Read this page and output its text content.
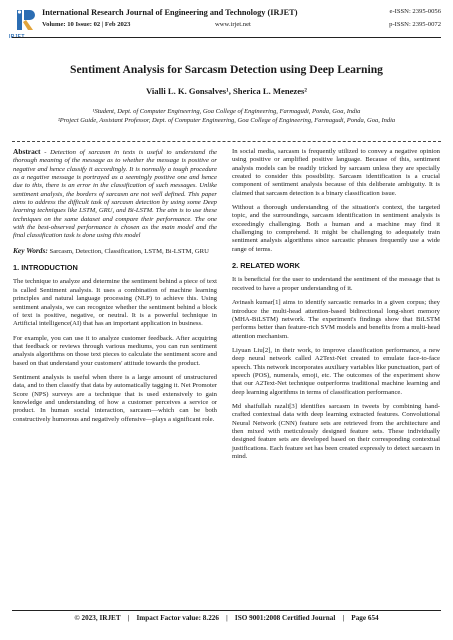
IRJET
International Research Journal of Engineering and Technology (IRJET)
Volume: 10 Issue: 02 | Feb 2023	www.irjet.net
e-ISSN: 2395-0056
p-ISSN: 2395-0072
Sentiment Analysis for Sarcasm Detection using Deep Learning
Vialli L. K. Gonsalves¹, Sherica L. Menezes²
¹Student, Dept. of Computer Engineering, Goa College of Engineering, Farmagudi, Ponda, Goa, India
²Project Guide, Assistant Professor, Dept. of Computer Engineering, Goa College of Engineering, Farmagudi, Ponda, Goa, India

Abstract - Detection of sarcasm in texts is useful to understand the thorough meaning of the message as to whether the message is positive or negative and hence classify it accordingly. It is normally a tough procedure as a negative message is portrayed as a seemingly positive one and hence due to this, there is an error in the classification of such messages. Unlike sentiment analysis, the borders of sarcasm are not well defined. This paper aims to address the difficult task of sarcasm detection by using some Deep learning techniques like LSTM, GRU, and Bi-LSTM. The aim is to use these techniques on the same dataset and compare their performance. The one with the best-observed performance is chosen as the main model and the final classification task is done using this model

Key Words: Sarcasm, Detection, Classification, LSTM, Bi-LSTM, GRU

1. INTRODUCTION

The technique to analyze and determine the sentiment behind a piece of text is called Sentiment analysis. It uses a combination of machine learning principles and natural language processing (NLP) to achieve this. Using sentiment analysis, we can recognize whether the sentiment behind a block of text is positive, negative, or neutral. It is a powerful technique in Artificial intelligence(AI) that has an important application in business.

For example, you can use it to analyze customer feedback. After acquiring that feedback or reviews through various mediums, you can run sentiment analysis algorithms on those text pieces to calculate the sentiment score and based on that understand your customers' attitude towards the product.

Sentiment analysis is useful when there is a large amount of unstructured data, and to then classify that data by automatically tagging it. Net Promoter Score (NPS) surveys are a technique that is used extensively to gain knowledge and understanding of how a customer perceives a service or product. In human social interaction, sarcasm—which can be both constructively humorous and negatively offensive—plays a significant role.

In social media, sarcasm is frequently utilized to convey a negative opinion using positive or amplified positive language. Because of this, sentiment analysis models can be readily tricked by sarcasm unless they are specially created to consider this possibility. Sarcasm identification is a crucial component of sentiment analysis because of this deliberate ambiguity. It is claimed that sarcasm detection is a binary classification issue.

Without a thorough understanding of the situation's context, the targeted topic, and the surroundings, sarcasm identification in sentiment analysis is exceedingly challenging. Both a human and a machine may find it challenging to comprehend. It might be challenging to adequately train sentiment analysis algorithms since sarcastic phrases frequently use a wide range of terms.

2. RELATED WORK

It is beneficial for the user to understand the sentiment of the message that is received to have a proper understanding of it.

Avinash kumar[1] aims to identify sarcastic remarks in a given corpus; they introduce the multi-head attention-based bidirectional long-short memory (MHA-BiLSTM) network. The experiment's findings show that BiLSTM performs better than feature-rich SVM models and benefits from a multi-head attention mechanism.

Liyuan Liu[2], in their work, to improve classification performance, a new deep neural network called A2Text-Net created to emulate face-to-face speech. This network incorporates auxiliary variables like punctuation, part of speech (POS), numerals, emoji, etc. The outcomes of the experiment show that our A2Text-Net technique outperforms traditional machine learning and deep learning algorithms in terms of classification performance.

Md shaifullah razali[3] identifies sarcasm in tweets by combining hand-crafted contextual data with deep learning extracted features. Convolutional Neural Network (CNN) feature sets are retrieved from the architecture and then mixed with meticulously designed feature sets. These individually designed feature sets are developed based on their corresponding contextual justifications. Each feature set has been created expressly to detect sarcasm in mind.

© 2023, IRJET    |    Impact Factor value: 8.226    |    ISO 9001:2008 Certified Journal    |    Page 654
